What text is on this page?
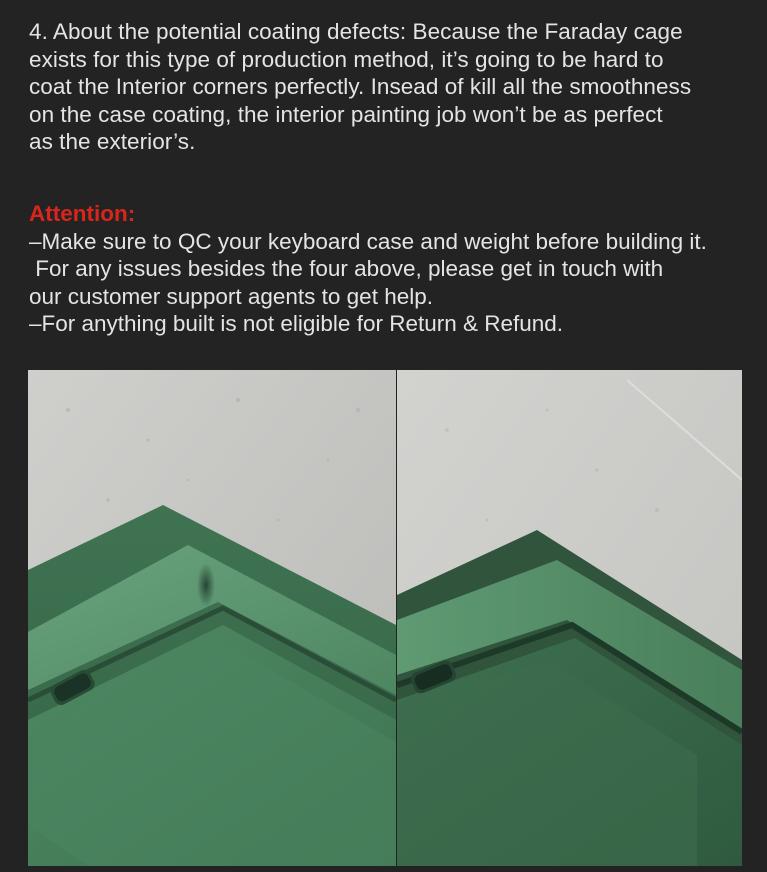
4. About the potential coating defects: Because the Faraday cage
exists for this type of production method, it’s going to be hard to
coat the Interior corners perfectly. Insead of kill all the smoothness
on the case coating, the interior painting job won’t be as perfect
as the exterior’s.
Attention:
–Make sure to QC your keyboard case and weight before building it.
For any issues besides the four above, please get in touch with
our customer support agents to get help.
–For anything built is not eligible for Return & Refund.
